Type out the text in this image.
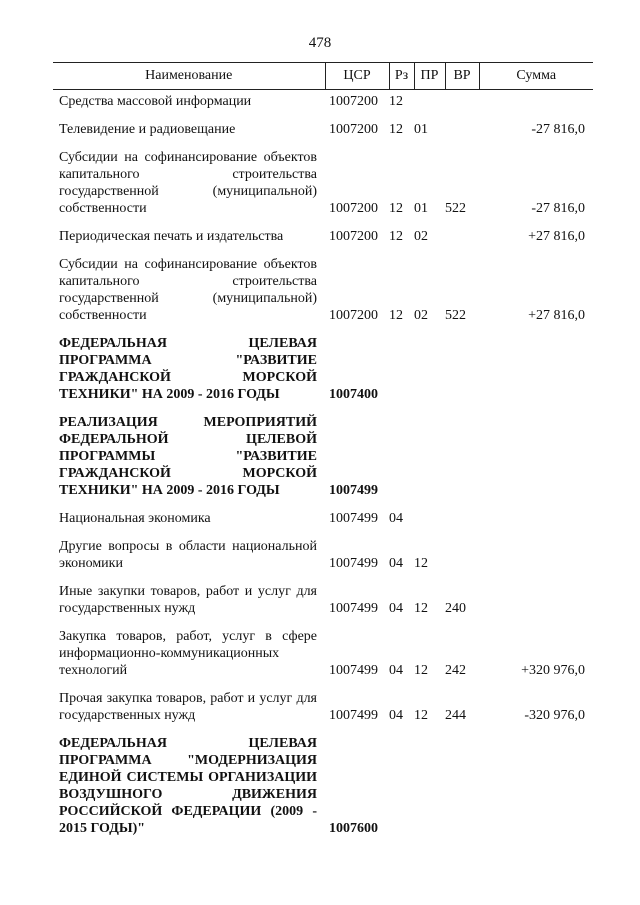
478
Наименование	ЦСР	Рз	ПР	ВР	Сумма
Средства массовой информации	1007200	12			
Телевидение и радиовещание	1007200	12	01		-27 816,0
Субсидии на софинансирование объектов капитального строительства государственной (муниципальной) собственности	1007200	12	01	522	-27 816,0
Периодическая печать и издательства	1007200	12	02		+27 816,0
Субсидии на софинансирование объектов капитального строительства государственной (муниципальной) собственности	1007200	12	02	522	+27 816,0
ФЕДЕРАЛЬНАЯ ЦЕЛЕВАЯ ПРОГРАММА "РАЗВИТИЕ ГРАЖДАНСКОЙ МОРСКОЙ ТЕХНИКИ" НА 2009 - 2016 ГОДЫ	1007400				
РЕАЛИЗАЦИЯ МЕРОПРИЯТИЙ ФЕДЕРАЛЬНОЙ ЦЕЛЕВОЙ ПРОГРАММЫ "РАЗВИТИЕ ГРАЖДАНСКОЙ МОРСКОЙ ТЕХНИКИ" НА 2009 - 2016 ГОДЫ	1007499				
Национальная экономика	1007499	04			
Другие вопросы в области национальной экономики	1007499	04	12		
Иные закупки товаров, работ и услуг для государственных нужд	1007499	04	12	240	
Закупка товаров, работ, услуг в сфере информационно-коммуникационных технологий	1007499	04	12	242	+320 976,0
Прочая закупка товаров, работ и услуг для государственных нужд	1007499	04	12	244	-320 976,0
ФЕДЕРАЛЬНАЯ ЦЕЛЕВАЯ ПРОГРАММА "МОДЕРНИЗАЦИЯ ЕДИНОЙ СИСТЕМЫ ОРГАНИЗАЦИИ ВОЗДУШНОГО ДВИЖЕНИЯ РОССИЙСКОЙ ФЕДЕРАЦИИ (2009 - 2015 ГОДЫ)"	1007600				
